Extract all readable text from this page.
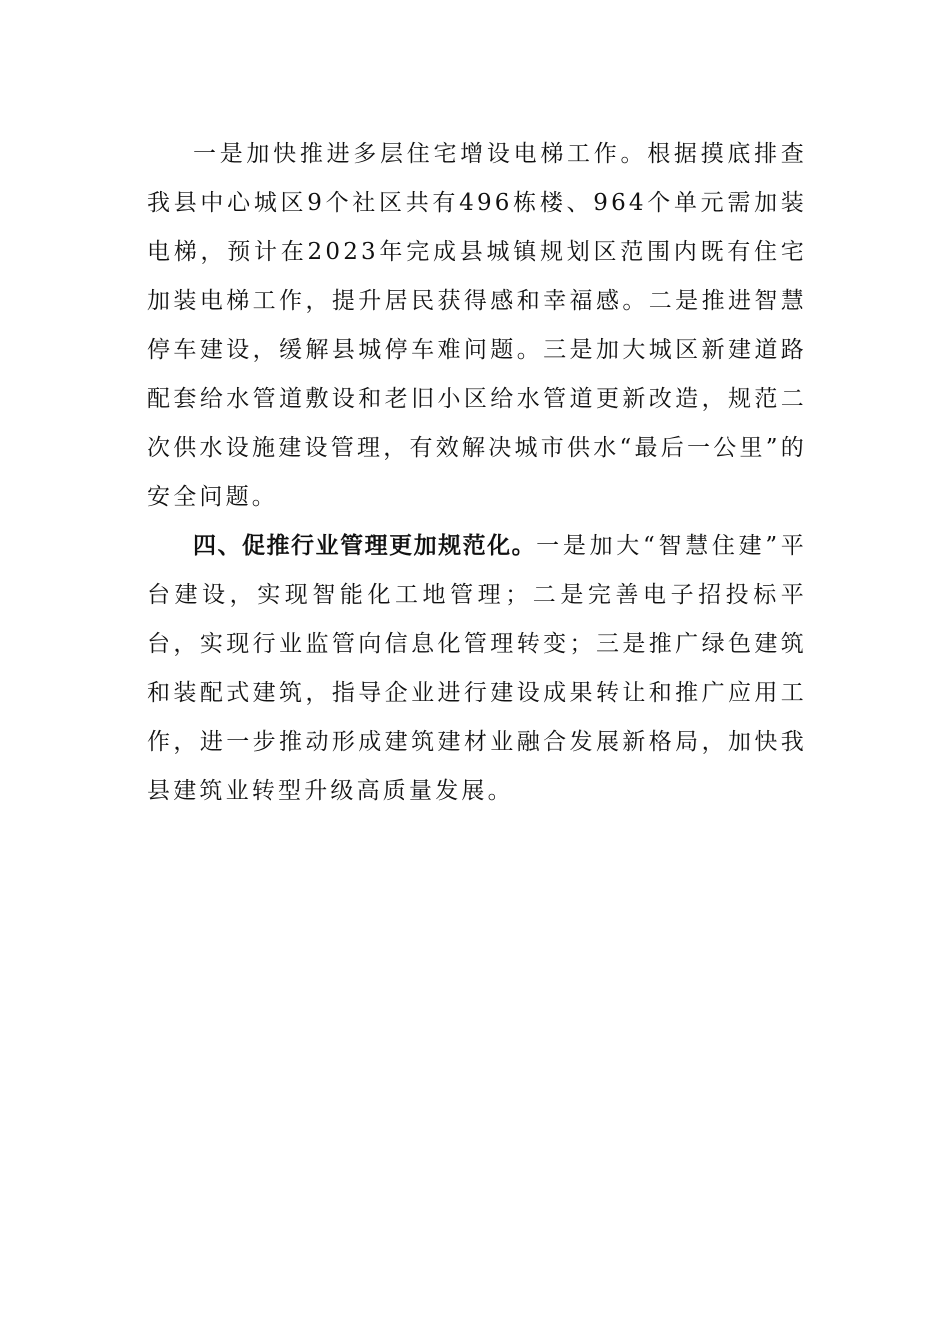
一是加快推进多层住宅增设电梯工作。根据摸底排查我县中心城区9个社区共有496栋楼、964个单元需加装电梯，预计在2023年完成县城镇规划区范围内既有住宅加装电梯工作，提升居民获得感和幸福感。二是推进智慧停车建设，缓解县城停车难问题。三是加大城区新建道路配套给水管道敷设和老旧小区给水管道更新改造，规范二次供水设施建设管理，有效解决城市供水“最后一公里”的安全问题。

四、促推行业管理更加规范化。一是加大“智慧住建”平台建设，实现智能化工地管理；二是完善电子招投标平台，实现行业监管向信息化管理转变；三是推广绿色建筑和装配式建筑，指导企业进行建设成果转让和推广应用工作，进一步推动形成建筑建材业融合发展新格局，加快我县建筑业转型升级高质量发展。
